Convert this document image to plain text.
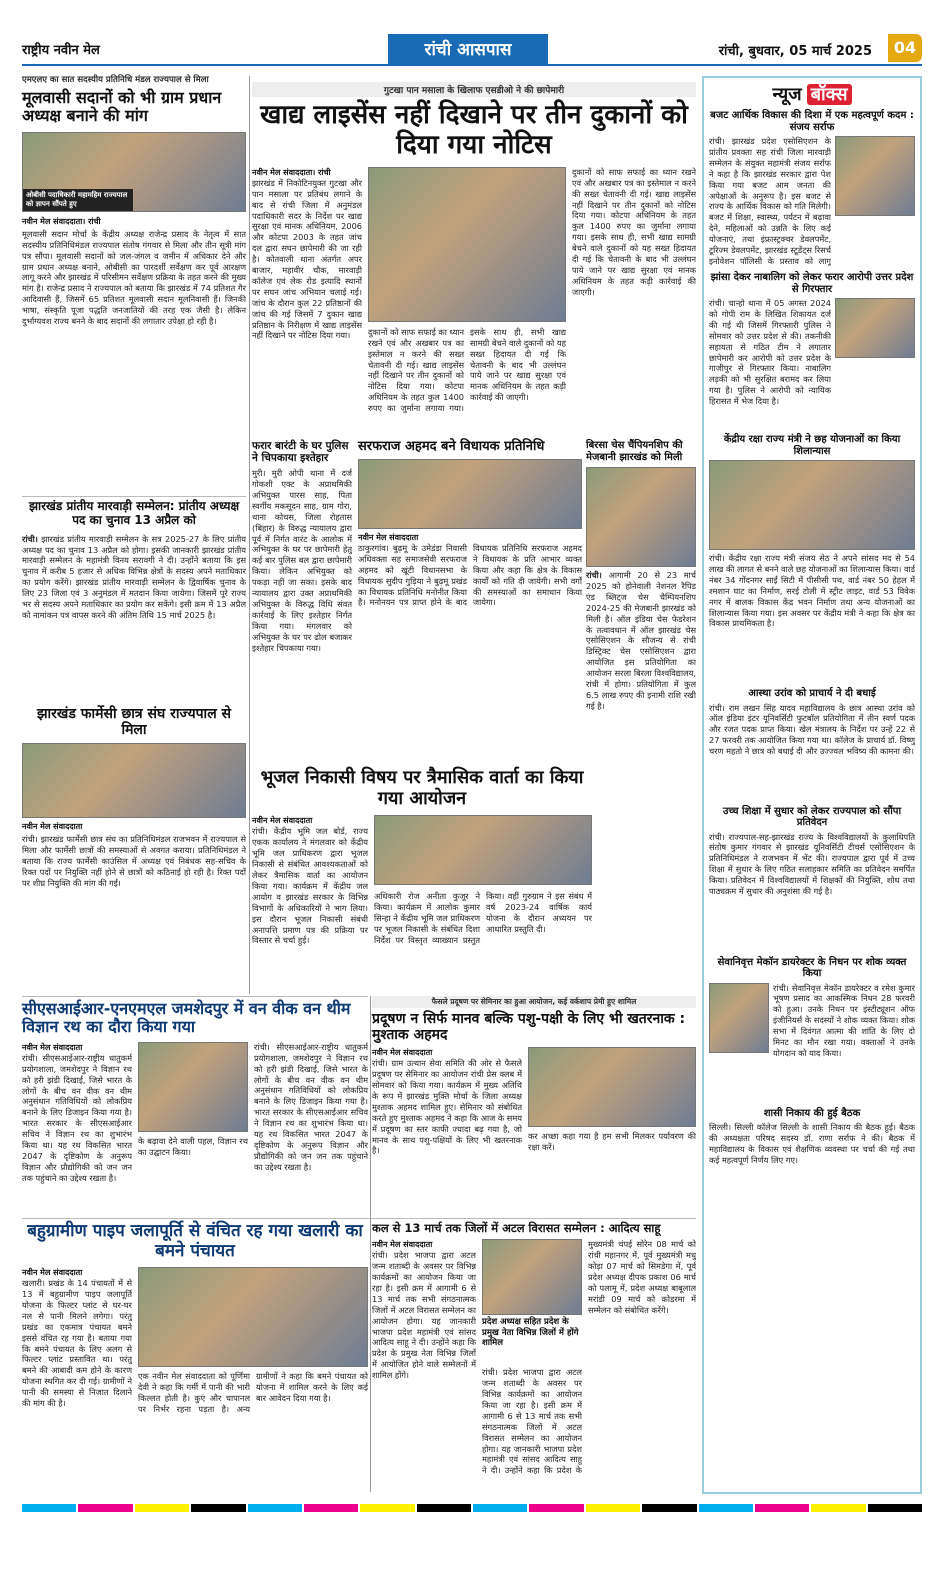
राष्ट्रीय नवीन मेल	रांची आसपास	रांची, बुधवार, 05 मार्च 2025	04
एमएलए का सात सदस्यीय प्रतिनिधि मंडल राज्यपाल से मिला
मूलवासी सदानों को भी ग्राम प्रधान अध्यक्ष बनाने की मांग
ओबीसी पदाधिकारी महामहिम राज्यपाल को ज्ञापन सौंपते हुए
नवीन मेल संवाददाता। रांची
मूलवासी सदान मोर्चा के केंद्रीय अध्यक्ष राजेन्द्र प्रसाद के नेतृत्व में सात सदस्यीय प्रतिनिधिमंडल राज्यपाल संतोष गंगवार से मिला और तीन सूत्री मांग पत्र सौंपा। मूलवासी सदानों को जल-जंगल व जमीन में अधिकार देने और ग्राम प्रधान अध्यक्ष बनाने, ओबीसी का पारदर्शी सर्वेक्षण कर पूर्व आरक्षण लागू करने और झारखंड में परिसीमन सर्वेक्षण प्रक्रिया के तहत करने की मुख्य मांग है। राजेन्द्र प्रसाद ने राज्यपाल को बताया कि झारखंड में 74 प्रतिशत गैर आदिवासी हैं, जिसमें 65 प्रतिशत मूलवासी सदान मूलनिवासी हैं। जिनकी भाषा, संस्कृति पूजा पद्धति जनजातियों की तरह एक जैसी है। लेकिन दुर्भाग्यवश राज्य बनने के बाद सदानों की लगातार उपेक्षा हो रही है।
झारखंड प्रांतीय मारवाड़ी सम्मेलन: प्रांतीय अध्यक्ष पद का चुनाव 13 अप्रैल को
रांची। झारखंड प्रांतीय मारवाड़ी सम्मेलन के सत्र 2025-27 के लिए प्रांतीय अध्यक्ष पद का चुनाव 13 अप्रैल को होगा। इसकी जानकारी झारखंड प्रांतीय मारवाड़ी सम्मेलन के महामंत्री विनय सरावगी ने दी। उन्होंने बताया कि इस चुनाव में करीब 5 हजार से अधिक विभिन्न क्षेत्रों के सदस्य अपने मताधिकार का प्रयोग करेंगे। झारखंड प्रांतीय मारवाड़ी सम्मेलन के द्विवार्षिक चुनाव के लिए 23 जिला एवं 3 अनुमंडल में मतदान किया जायेगा। जिसमें पूरे राज्य भर से सदस्य अपने मताधिकार का प्रयोग कर सकेंगे। इसी क्रम में 13 अप्रैल को नामांकन पत्र वापस करने की अंतिम तिथि 15 मार्च 2025 है।
झारखंड फार्मेसी छात्र संघ राज्यपाल से मिला
नवीन मेल संवाददाता
रांची। झारखंड फार्मेसी छात्र संघ का प्रतिनिधिमंडल राजभवन में राज्यपाल से मिला और फार्मेसी छात्रों की समस्याओं से अवगत कराया। प्रतिनिधिमंडल ने बताया कि राज्य फार्मेसी काउंसिल में अध्यक्ष एवं निबंधक सह-सचिव के रिक्त पदों पर नियुक्ति नहीं होने से छात्रों को कठिनाई हो रही है। रिक्त पदों पर शीघ्र नियुक्ति की मांग की गई।
गुटखा पान मसाला के खिलाफ एसडीओ ने की छापेमारी
खाद्य लाइसेंस नहीं दिखाने पर तीन दुकानों को दिया गया नोटिस
नवीन मेल संवाददाता। रांची
झारखंड में निकोटिनयुक्त गुटखा और पान मसाला पर प्रतिबंध लगाने के बाद से रांची जिला में अनुमंडल पदाधिकारी सदर के निर्देश पर खाद्य सुरक्षा एवं मानक अधिनियम, 2006 और कोटपा 2003 के तहत जांच दल द्वारा सघन छापेमारी की जा रही है। कोतवाली थाना अंतर्गत अपर बाजार, महावीर चौक, मारवाड़ी कॉलेज एवं लेक रोड इत्यादि स्थानों पर सघन जांच अभियान चलाई गई। जांच के दौरान कुल 22 प्रतिष्ठानों की जांच की गई जिसमें 7 दुकान खाद्य प्रतिष्ठान के निरीक्षण में खाद्य लाइसेंस नहीं दिखाने पर नोटिस दिया गया।	दुकानों को साफ सफाई का ध्यान रखने एवं और अखबार पत्र का इस्तेमाल न करने की सख्त चेतावनी दी गई। खाद्य लाइसेंस नहीं दिखाने पर तीन दुकानों को नोटिस दिया गया। कोटपा अधिनियम के तहत कुल 1400 रुपए का जुर्माना लगाया गया। इसके साथ ही, सभी खाद्य सामग्री बेचने वाले दुकानों को यह सख्त हिदायत दी गई कि चेतावनी के बाद भी उल्लंघन पाये जाने पर खाद्य सुरक्षा एवं मानक अधिनियम के तहत कड़ी कार्रवाई की जाएगी।
दुकानों को साफ सफाई का ध्यान रखने एवं और अखबार पत्र का इस्तेमाल न करने की सख्त चेतावनी दी गई। खाद्य लाइसेंस नहीं दिखाने पर तीन दुकानों को नोटिस दिया गया। कोटपा अधिनियम के तहत कुल 1400 रुपए का जुर्माना लगाया गया। इसके साथ ही, सभी खाद्य सामग्री बेचने वाले दुकानों को यह सख्त हिदायत दी गई कि चेतावनी के बाद भी उल्लंघन पाये जाने पर खाद्य सुरक्षा एवं मानक अधिनियम के तहत कड़ी कार्रवाई की जाएगी।
फरार बारंटी के घर पुलिस ने चिपकाया इश्तेहार
मुरी। मुरी ओपी थाना में दर्ज गोकशी एक्ट के अप्राथमिकी अभियुक्त पारस साह, पिता स्वर्गीय मकसूदन साह, ग्राम गोरा, थाना कोचस, जिला रोहतास (बिहार) के विरुद्ध न्यायालय द्वारा पूर्व में निर्गत वारंट के आलोक में अभियुक्त के घर पर छापेमारी हेतु कई बार पुलिस बल द्वारा छापेमारी किया। लेकिन अभियुक्त को पकड़ा नहीं जा सका। इसके बाद न्यायालय द्वारा उक्त अप्राथमिकी अभियुक्त के विरुद्ध विधि संवत कार्रवाई के लिए इश्तेहार निर्गत किया गया। मंगलवार को अभियुक्त के घर पर ढोल बजाकर इश्तेहार चिपकाया गया।
सरफराज अहमद बने विधायक प्रतिनिधि
नवीन मेल संवाददाता
ठाकुरगांव। बुढ़मू के उमेडंडा निवासी अधिवक्ता सह समाजसेवी सरफराज अहमद को खूंटी विधानसभा के विधायक सुदीप गुड़िया ने बुढ़मू प्रखंड का विधायक प्रतिनिधि मनोनीत किया है। मनोनयन पत्र प्राप्त होने के बाद विधायक प्रतिनिधि सरफराज अहमद ने विधायक के प्रति आभार व्यक्त किया और कहा कि क्षेत्र के विकास कार्यों को गति दी जायेगी। सभी वर्गों की समस्याओं का समाधान किया जायेगा।
भूजल निकासी विषय पर त्रैमासिक वार्ता का किया गया आयोजन
नवीन मेल संवाददाता
रांची। केंद्रीय भूमि जल बोर्ड, राज्य एकक कार्यालय ने मंगलवार को केंद्रीय भूमि जल प्राधिकरण द्वारा भूजल निकासी से संबंधित आवश्यकताओं को लेकर त्रैमासिक वार्ता का आयोजन किया गया। कार्यक्रम में केंद्रीय जल आयोग व झारखंड सरकार के विभिन्न विभागों के अधिकारियों ने भाग लिया। इस दौरान भूजल निकासी संबंधी अनापत्ति प्रमाण पत्र की प्रक्रिया पर विस्तार से चर्चा हुई।
अधिकारी रोज अनीता कुजूर ने किया। कार्यक्रम में आलोक कुमार सिन्हा ने केंद्रीय भूमि जल प्राधिकरण पर भूजल निकासी के संबंधित दिशा निर्देश पर विस्तृत व्याख्यान प्रस्तुत किया। वहीं गुरुग्राम ने इस संबंध में वर्ष 2023-24 वार्षिक कार्य योजना के दौरान अध्ययन पर आधारित प्रस्तुति दी।
बिरसा चेस चैंपियनशिप की मेजबानी झारखंड को मिली
रांची। आगामी 20 से 23 मार्च 2025 को होनेवाली नेशनल रैपिड एंड ब्लिट्ज चेस चैम्पियनशिप 2024-25 की मेजबानी झारखंड को मिली है। ऑल इंडिया चेस फेडरेशन के तत्वावधान में ऑल झारखंड चेस एसोसिएशन के सौजन्य से रांची डिस्ट्रिक्ट चेस एसोसिएशन द्वारा आयोजित इस प्रतियोगिता का आयोजन सरला बिरला विश्वविद्यालय, रांची में होगा। प्रतियोगिता में कुल 6.5 लाख रुपए की इनामी राशि रखी गई है।
सीएसआईआर-एनएमएल जमशेदपुर में वन वीक वन थीम विज्ञान रथ का दौरा किया गया
नवीन मेल संवाददाता
रांची। सीएसआईआर-राष्ट्रीय धातुकर्म प्रयोगशाला, जमशेदपुर ने विज्ञान रथ को हरी झंडी दिखाई, जिसे भारत के लोगों के बीच वन वीक वन थीम अनुसंधान गतिविधियों को लोकप्रिय बनाने के लिए डिजाइन किया गया है। भारत सरकार के सीएसआईआर सचिव ने विज्ञान रथ का शुभारंभ किया था। यह रथ विकसित भारत 2047 के दृष्टिकोण के अनुरूप विज्ञान और प्रौद्योगिकी को जन जन तक पहुंचाने का उद्देश्य रखता है।
के बढ़ावा देने वाली पहल, विज्ञान रथ का उद्घाटन किया।
रांची। सीएसआईआर-राष्ट्रीय धातुकर्म प्रयोगशाला, जमशेदपुर ने विज्ञान रथ को हरी झंडी दिखाई, जिसे भारत के लोगों के बीच वन वीक वन थीम अनुसंधान गतिविधियों को लोकप्रिय बनाने के लिए डिजाइन किया गया है। भारत सरकार के सीएसआईआर सचिव ने विज्ञान रथ का शुभारंभ किया था। यह रथ विकसित भारत 2047 के दृष्टिकोण के अनुरूप विज्ञान और प्रौद्योगिकी को जन जन तक पहुंचाने का उद्देश्य रखता है।
फैसले प्रदूषण पर सेमिनार का हुआ आयोजन, कई वर्कशाप प्रेमी हुए शामिल
प्रदूषण न सिर्फ मानव बल्कि पशु-पक्षी के लिए भी खतरनाक : मुश्ताक अहमद
नवीन मेल संवाददाता
रांची। ग्राम उत्थान सेवा समिति की ओर से फैसले प्रदूषण पर सेमिनार का आयोजन रांची प्रेस क्लब में सोमवार को किया गया। कार्यक्रम में मुख्य अतिथि के रूप में झारखंड मुक्ति मोर्चा के जिला अध्यक्ष मुश्ताक अहमद शामिल हुए। सेमिनार को संबोधित करते हुए मुश्ताक अहमद ने कहा कि आज के समय में प्रदूषण का स्तर काफी ज्यादा बढ़ गया है, जो मानव के साथ पशु-पक्षियों के लिए भी खतरनाक है।
कर अच्छा कहा गया है हम सभी मिलकर पर्यावरण की रक्षा करें।
बहुग्रामीण पाइप जलापूर्ति से वंचित रह गया खलारी का बमने पंचायत
नवीन मेल संवाददाता
खलारी। प्रखंड के 14 पंचायतों में से 13 में बहुग्रामीण पाइप जलापूर्ति योजना के फिल्टर प्लांट से घर-घर नल से पानी मिलने लगेगा। परंतु प्रखंड का एकमात्र पंचायत बमने इससे वंचित रह गया है। बताया गया कि बमने पंचायत के लिए अलग से फिल्टर प्लांट प्रस्तावित था। परंतु बमने की आबादी कम होने के कारण योजना स्थगित कर दी गई। ग्रामीणों ने पानी की समस्या से निजात दिलाने की मांग की है।
एक नवीन मेल संवाददाता को पूर्णिमा देवी ने कहा कि गर्मी में पानी की भारी किल्लत होती है। कुएं और चापानल पर निर्भर रहना पड़ता है। अन्य ग्रामीणों ने कहा कि बमने पंचायत को योजना में शामिल करने के लिए कई बार आवेदन दिया गया है।
कल से 13 मार्च तक जिलों में अटल विरासत सम्मेलन : आदित्य साहू
नवीन मेल संवाददाता
रांची। प्रदेश भाजपा द्वारा अटल जन्म शताब्दी के अवसर पर विभिन्न कार्यक्रमों का आयोजन किया जा रहा है। इसी क्रम में आगामी 6 से 13 मार्च तक सभी संगठनात्मक जिलों में अटल विरासत सम्मेलन का आयोजन होगा। यह जानकारी भाजपा प्रदेश महामंत्री एवं सांसद आदित्य साहू ने दी। उन्होंने कहा कि प्रदेश के प्रमुख नेता विभिन्न जिलों में आयोजित होने वाले सम्मेलनों में शामिल होंगे।
प्रदेश अध्यक्ष सहित प्रदेश के प्रमुख नेता विभिन्न जिलों में होंगे शामिल
रांची। प्रदेश भाजपा द्वारा अटल जन्म शताब्दी के अवसर पर विभिन्न कार्यक्रमों का आयोजन किया जा रहा है। इसी क्रम में आगामी 6 से 13 मार्च तक सभी संगठनात्मक जिलों में अटल विरासत सम्मेलन का आयोजन होगा। यह जानकारी भाजपा प्रदेश महामंत्री एवं सांसद आदित्य साहू ने दी। उन्होंने कहा कि प्रदेश के
मुख्यमंत्री चंपई सोरेन 08 मार्च को रांची महानगर में, पूर्व मुख्यमंत्री मधु कोड़ा 07 मार्च को सिमडेगा में, पूर्व प्रदेश अध्यक्ष दीपक प्रकाश 06 मार्च को पलामू में, प्रदेश अध्यक्ष बाबूलाल मरांडी 09 मार्च को कोडरमा में सम्मेलन को संबोधित करेंगे।
न्यूज बॉक्स
बजट आर्थिक विकास की दिशा में एक महत्वपूर्ण कदम : संजय सर्राफ
रांची। झारखंड प्रदेश एसोसिएशन के प्रांतीय प्रवक्ता सह रांची जिला मारवाड़ी सम्मेलन के संयुक्त महामंत्री संजय सर्राफ ने कहा है कि झारखंड सरकार द्वारा पेश किया गया बजट आम जनता की अपेक्षाओं के अनुरूप है। इस बजट से राज्य के आर्थिक विकास को गति मिलेगी। बजट में शिक्षा, स्वास्थ्य, पर्यटन में बढ़ावा देने, महिलाओं को उन्नति के लिए कई योजनाएं, तथा इंफ्रास्ट्रक्चर डेवलपमेंट, टूरिज्म डेवलपमेंट, झारखंड स्टूडेंट्स रिसर्च इनोवेशन पॉलिसी के प्रस्ताव को लागू
झांसा देकर नाबालिग को लेकर फरार आरोपी उत्तर प्रदेश से गिरफ्तार
रांची। चान्हो थाना में 05 अगस्त 2024 को गोपी राम के लिखित शिकायत दर्ज की गई थी जिसमें गिरफ्तारी पुलिस ने सोमवार को उत्तर प्रदेश से की। तकनीकी सहायता से गठित टीम ने लगातार छापेमारी कर आरोपी को उत्तर प्रदेश के गाजीपुर से गिरफ्तार किया। नाबालिग लड़की को भी सुरक्षित बरामद कर लिया गया है। पुलिस ने आरोपी को न्यायिक हिरासत में भेज दिया है।
केंद्रीय रक्षा राज्य मंत्री ने छह योजनाओं का किया शिलान्यास
रांची। केंद्रीय रक्षा राज्य मंत्री संजय सेठ ने अपने सांसद मद से 54 लाख की लागत से बनने वाले छह योजनाओं का शिलान्यास किया। वार्ड नंबर 34 गोंदनगर साईं सिटी में पीसीसी पथ, वार्ड नंबर 50 हेहल में श्मशान घाट का निर्माण, सरई टोली में स्ट्रीट लाइट, वार्ड 53 विवेक नगर में बालक विकास केंद्र भवन निर्माण तथा अन्य योजनाओं का शिलान्यास किया गया। इस अवसर पर केंद्रीय मंत्री ने कहा कि क्षेत्र का विकास प्राथमिकता है।
आस्था उरांव को प्राचार्य ने दी बधाई
रांची। राम लखन सिंह यादव महाविद्यालय के छात्र आस्था उरांव को ऑल इंडिया इंटर यूनिवर्सिटी फुटबॉल प्रतियोगिता में तीन स्वर्ण पदक और रजत पदक प्राप्त किया। खेल मंत्रालय के निर्देश पर उन्हें 22 से 27 फरवरी तक आयोजित किया गया था। कॉलेज के प्राचार्य डॉ. विष्णु चरण महतो ने छात्र को बधाई दी और उज्ज्वल भविष्य की कामना की।
उच्च शिक्षा में सुधार को लेकर राज्यपाल को सौंपा प्रतिवेदन
रांची। राज्यपाल-सह-झारखंड राज्य के विश्वविद्यालयों के कुलाधिपति संतोष कुमार गंगवार से झारखंड यूनिवर्सिटी टीचर्स एसोसिएशन के प्रतिनिधिमंडल ने राजभवन में भेंट की। राज्यपाल द्वारा पूर्व में उच्च शिक्षा में सुधार के लिए गठित सलाहकार समिति का प्रतिवेदन समर्पित किया। प्रतिवेदन में विश्वविद्यालयों में शिक्षकों की नियुक्ति, शोध तथा पाठ्यक्रम में सुधार की अनुशंसा की गई है।
सेवानिवृत्त मेकॉन डायरेक्टर के निधन पर शोक व्यक्त किया
रांची। सेवानिवृत्त मेकॉन डायरेक्टर व रमेश कुमार भूषण प्रसाद का आकस्मिक निधन 28 फरवरी को हुआ। उनके निधन पर इंस्टीट्यूशन ऑफ इंजीनियर्स के सदस्यों ने शोक व्यक्त किया। शोक सभा में दिवंगत आत्मा की शांति के लिए दो मिनट का मौन रखा गया। वक्ताओं ने उनके योगदान को याद किया।
शासी निकाय की हुई बैठक
सिल्ली। सिल्ली कॉलेज सिल्ली के शासी निकाय की बैठक हुई। बैठक की अध्यक्षता परिषद सदस्य डॉ. राणा सर्राफ ने की। बैठक में महाविद्यालय के विकास एवं शैक्षणिक व्यवस्था पर चर्चा की गई तथा कई महत्वपूर्ण निर्णय लिए गए।
